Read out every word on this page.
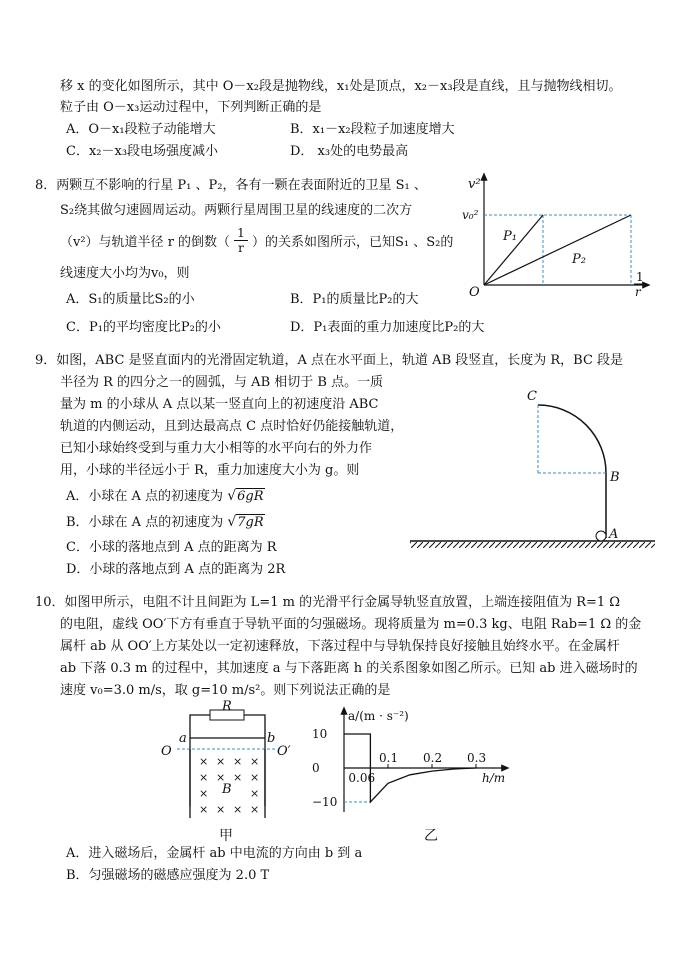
移 x 的变化如图所示，其中 O－x₂段是抛物线，x₁处是顶点，x₂－x₃段是直线，且与抛物线相切。
粒子由 O－x₃运动过程中，下列判断正确的是
A．O－x₁段粒子动能增大	B．x₁－x₂段粒子加速度增大
C．x₂－x₃段电场强度减小	D． x₃处的电势最高
8．两颗互不影响的行星 P₁ 、P₂，各有一颗在表面附近的卫星 S₁ 、
S₂绕其做匀速圆周运动。两颗行星周围卫星的线速度的二次方
（v²）与轨道半径 r 的倒数（ $\frac{1}{r}$ ）的关系如图所示，已知S₁ 、S₂的
线速度大小均为v₀，则
A．S₁的质量比S₂的小	B．P₁的质量比P₂的大
C．P₁的平均密度比P₂的小	D．P₁表面的重力加速度比P₂的大
v²
v₀²
P₁
P₂
O
1
r
9．如图，ABC 是竖直面内的光滑固定轨道，A 点在水平面上，轨道 AB 段竖直，长度为 R，BC 段是
半径为 R 的四分之一的圆弧，与 AB 相切于 B 点。一质
量为 m 的小球从 A 点以某一竖直向上的初速度沿 ABC
轨道的内侧运动，且到达最高点 C 点时恰好仍能接触轨道，
已知小球始终受到与重力大小相等的水平向右的外力作
用，小球的半径远小于 R，重力加速度大小为 g。则
A．小球在 A 点的初速度为 √6gR
B．小球在 A 点的初速度为 √7gR
C．小球的落地点到 A 点的距离为 R
D．小球的落地点到 A 点的距离为 2R
C
B
A
10．如图甲所示，电阻不计且间距为 L=1 m 的光滑平行金属导轨竖直放置，上端连接阻值为 R=1 Ω
的电阻，虚线 OO′下方有垂直于导轨平面的匀强磁场。现将质量为 m=0.3 kg、电阻 Rab=1 Ω 的金
属杆 ab 从 OO′上方某处以一定初速释放，下落过程中与导轨保持良好接触且始终水平。在金属杆
ab 下落 0.3 m 的过程中，其加速度 a 与下落距离 h 的关系图象如图乙所示。已知 ab 进入磁场时的
速度 v₀=3.0 m/s，取 g=10 m/s²。则下列说法正确的是
× × × ×
× × × ×
×	×
× × × ×
B
R
a	b
O	O′
甲
0.1 0.2 0.3
10
0
−10
0.06
a/(m · s⁻²)
h/m
乙
A．进入磁场后，金属杆 ab 中电流的方向由 b 到 a
B．匀强磁场的磁感应强度为 2.0 T
